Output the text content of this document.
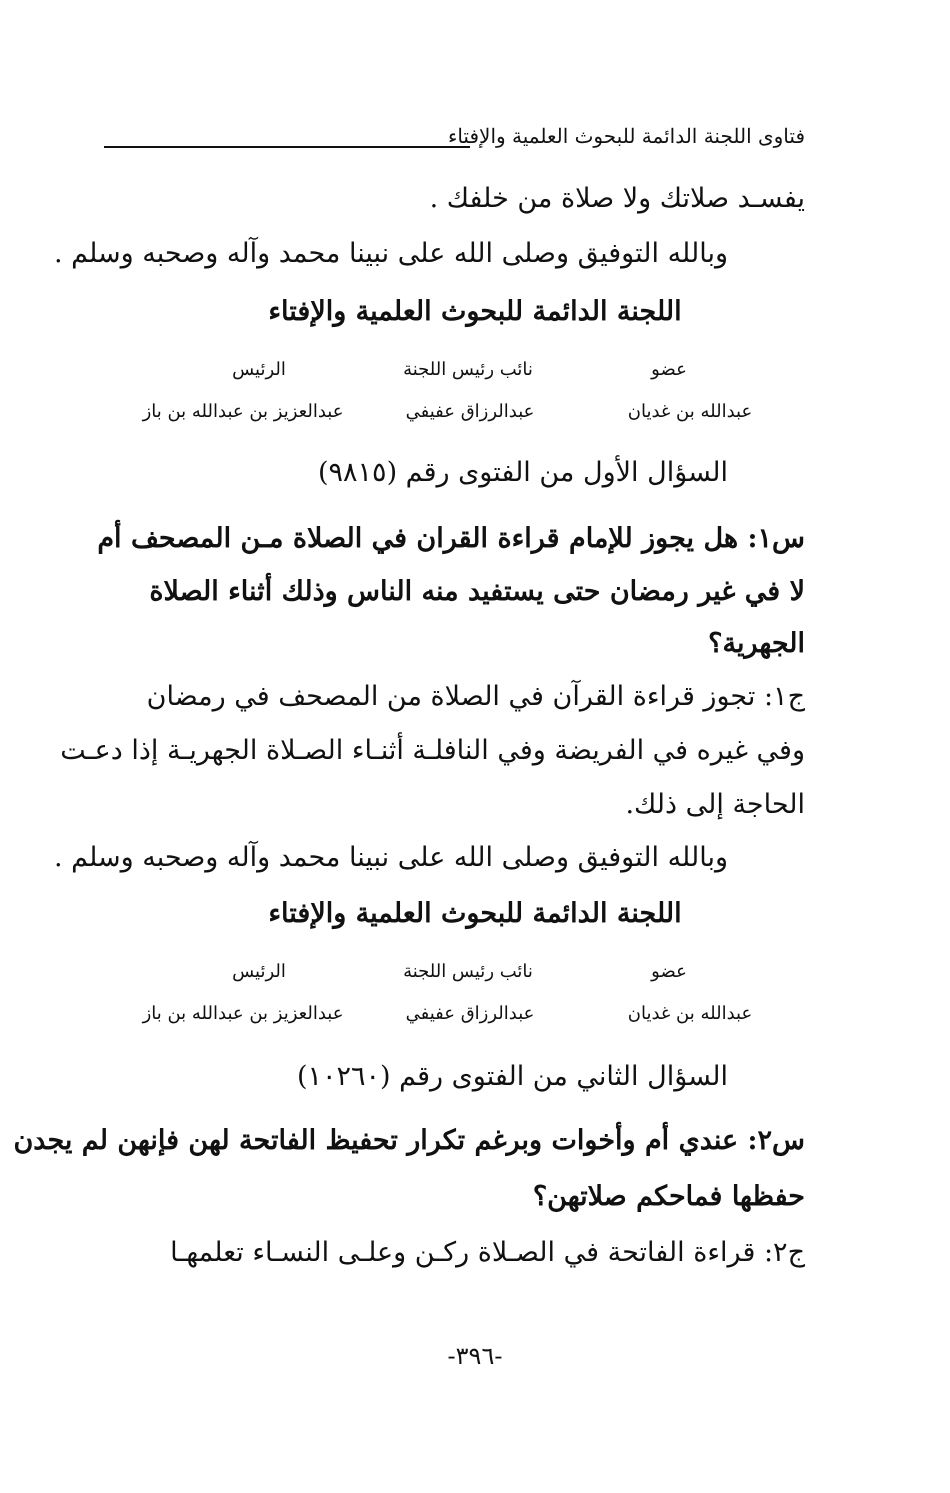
فتاوى اللجنة الدائمة للبحوث العلمية والإفتاء
يفسـد صلاتك ولا صلاة من خلفك .
وبالله التوفيق وصلى الله على نبينا محمد وآله وصحبه وسلم .
اللجنة الدائمة للبحوث العلمية والإفتاء
عضو
نائب رئيس اللجنة
الرئيس
عبدالله بن غديان
عبدالرزاق عفيفي
عبدالعزيز بن عبدالله بن باز
السؤال الأول من الفتوى رقم (٩٨١٥)
س١: هل يجوز للإمام قراءة القران في الصلاة مـن المصحف أم
لا في غير رمضان حتى يستفيد منه الناس وذلك أثناء الصلاة
الجهرية؟
ج١: تجوز قراءة القرآن في الصلاة من المصحف في رمضان
وفي غيره في الفريضة وفي النافلـة أثنـاء الصـلاة الجهريـة إذا دعـت
الحاجة إلى ذلك.
وبالله التوفيق وصلى الله على نبينا محمد وآله وصحبه وسلم .
اللجنة الدائمة للبحوث العلمية والإفتاء
عضو
نائب رئيس اللجنة
الرئيس
عبدالله بن غديان
عبدالرزاق عفيفي
عبدالعزيز بن عبدالله بن باز
السؤال الثاني من الفتوى رقم (١٠٢٦٠)
س٢: عندي أم وأخوات وبرغم تكرار تحفيظ الفاتحة لهن فإنهن لم يجدن
حفظها فماحكم صلاتهن؟
ج٢: قراءة الفاتحة في الصـلاة ركـن وعلـى النسـاء تعلمهـا
-٣٩٦-
